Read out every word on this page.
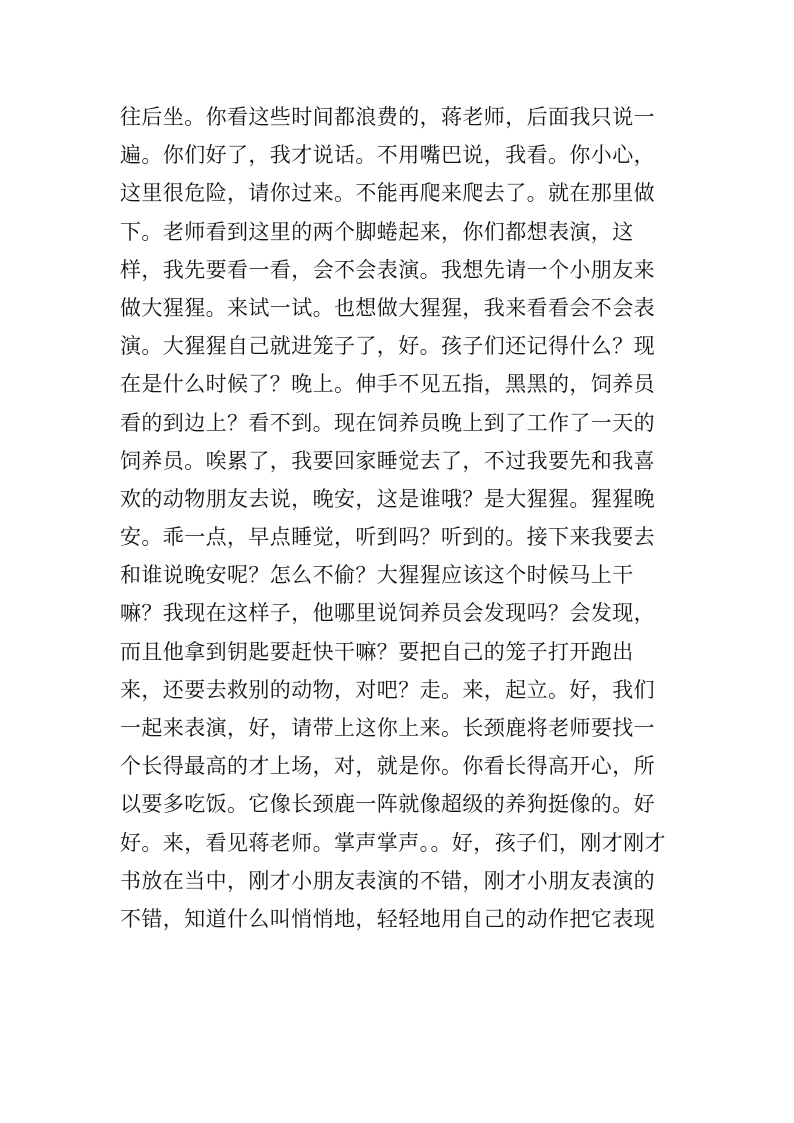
往后坐。你看这些时间都浪费的，蒋老师，后面我只说一
遍。你们好了，我才说话。不用嘴巴说，我看。你小心，
这里很危险，请你过来。不能再爬来爬去了。就在那里做
下。老师看到这里的两个脚蜷起来，你们都想表演，这
样，我先要看一看，会不会表演。我想先请一个小朋友来
做大猩猩。来试一试。也想做大猩猩，我来看看会不会表
演。大猩猩自己就进笼子了，好。孩子们还记得什么？现
在是什么时候了？晚上。伸手不见五指，黑黑的，饲养员
看的到边上？看不到。现在饲养员晚上到了工作了一天的
饲养员。唉累了，我要回家睡觉去了，不过我要先和我喜
欢的动物朋友去说，晚安，这是谁哦？是大猩猩。猩猩晚
安。乖一点，早点睡觉，听到吗？听到的。接下来我要去
和谁说晚安呢？怎么不偷？大猩猩应该这个时候马上干
嘛？我现在这样子，他哪里说饲养员会发现吗？会发现，
而且他拿到钥匙要赶快干嘛？要把自己的笼子打开跑出
来，还要去救别的动物，对吧？走。来，起立。好，我们
一起来表演，好，请带上这你上来。长颈鹿将老师要找一
个长得最高的才上场，对，就是你。你看长得高开心，所
以要多吃饭。它像长颈鹿一阵就像超级的养狗挺像的。好
好。来，看见蒋老师。掌声掌声。。好，孩子们，刚才刚才
书放在当中，刚才小朋友表演的不错，刚才小朋友表演的
不错，知道什么叫悄悄地，轻轻地用自己的动作把它表现
